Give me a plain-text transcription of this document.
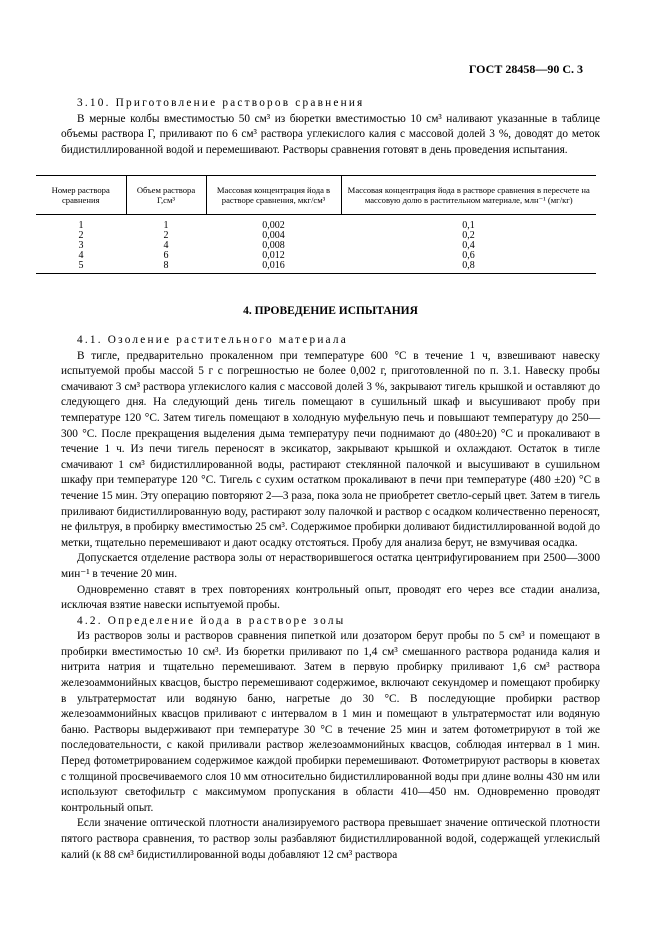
ГОСТ 28458—90 С. 3

3.10. Приготовление растворов сравнения

В мерные колбы вместимостью 50 см³ из бюретки вместимостью 10 см³ наливают указанные в таблице объемы раствора Г, приливают по 6 см³ раствора углекислого калия с массовой долей 3 %, доводят до меток бидистиллированной водой и перемешивают. Растворы сравнения готовят в день проведения испытания.

Номер раствора сравнения	Объем раствора Г,см³	Массовая концентрация йода в растворе сравнения, мкг/см³	Массовая концентрация йода в растворе сравнения в пересчете на массовую долю в растительном материале, млн⁻¹ (мг/кг)
1	1	0,002	0,1
2	2	0,004	0,2
3	4	0,008	0,4
4	6	0,012	0,6
5	8	0,016	0,8
4. ПРОВЕДЕНИЕ ИСПЫТАНИЯ

4.1. Озоление растительного материала

В тигле, предварительно прокаленном при температуре 600 °С в течение 1 ч, взвешивают навеску испытуемой пробы массой 5 г с погрешностью не более 0,002 г, приготовленной по п. 3.1. Навеску пробы смачивают 3 см³ раствора углекислого калия с массовой долей 3 %, закрывают тигель крышкой и оставляют до следующего дня. На следующий день тигель помещают в сушильный шкаф и высушивают пробу при температуре 120 °С. Затем тигель помещают в холодную муфельную печь и повышают температуру до 250—300 °С. После прекращения выделения дыма температуру печи поднимают до (480±20) °С и прокаливают в течение 1 ч. Из печи тигель переносят в эксикатор, закрывают крышкой и охлаждают. Остаток в тигле смачивают 1 см³ бидистиллированной воды, растирают стеклянной палочкой и высушивают в сушильном шкафу при температуре 120 °С. Тигель с сухим остатком прокаливают в печи при температуре (480 ±20) °С в течение 15 мин. Эту операцию повторяют 2—3 раза, пока зола не приобретет светло-серый цвет. Затем в тигель приливают бидистиллированную воду, растирают золу палочкой и раствор с осадком количественно переносят, не фильтруя, в пробирку вместимостью 25 см³. Содержимое пробирки доливают бидистиллированной водой до метки, тщательно перемешивают и дают осадку отстояться. Пробу для анализа берут, не взмучивая осадка.

Допускается отделение раствора золы от нерастворившегося остатка центрифугированием при 2500—3000 мин⁻¹ в течение 20 мин.

Одновременно ставят в трех повторениях контрольный опыт, проводят его через все стадии анализа, исключая взятие навески испытуемой пробы.

4.2. Определение йода в растворе золы

Из растворов золы и растворов сравнения пипеткой или дозатором берут пробы по 5 см³ и помещают в пробирки вместимостью 10 см³. Из бюретки приливают по 1,4 см³ смешанного раствора роданида калия и нитрита натрия и тщательно перемешивают. Затем в первую пробирку приливают 1,6 см³ раствора железоаммонийных квасцов, быстро перемешивают содержимое, включают секундомер и помещают пробирку в ультратермостат или водяную баню, нагретые до 30 °С. В последующие пробирки раствор железоаммонийных квасцов приливают с интервалом в 1 мин и помещают в ультратермостат или водяную баню. Растворы выдерживают при температуре 30 °С в течение 25 мин и затем фотометрируют в той же последовательности, с какой приливали раствор железоаммонийных квасцов, соблюдая интервал в 1 мин. Перед фотометрированием содержимое каждой пробирки перемешивают. Фотометрируют растворы в кюветах с толщиной просвечиваемого слоя 10 мм относительно бидистиллированной воды при длине волны 430 нм или используют светофильтр с максимумом пропускания в области 410—450 нм. Одновременно проводят контрольный опыт.

Если значение оптической плотности анализируемого раствора превышает значение оптической плотности пятого раствора сравнения, то раствор золы разбавляют бидистиллированной водой, содержащей углекислый калий (к 88 см³ бидистиллированной воды добавляют 12 см³ раствора
